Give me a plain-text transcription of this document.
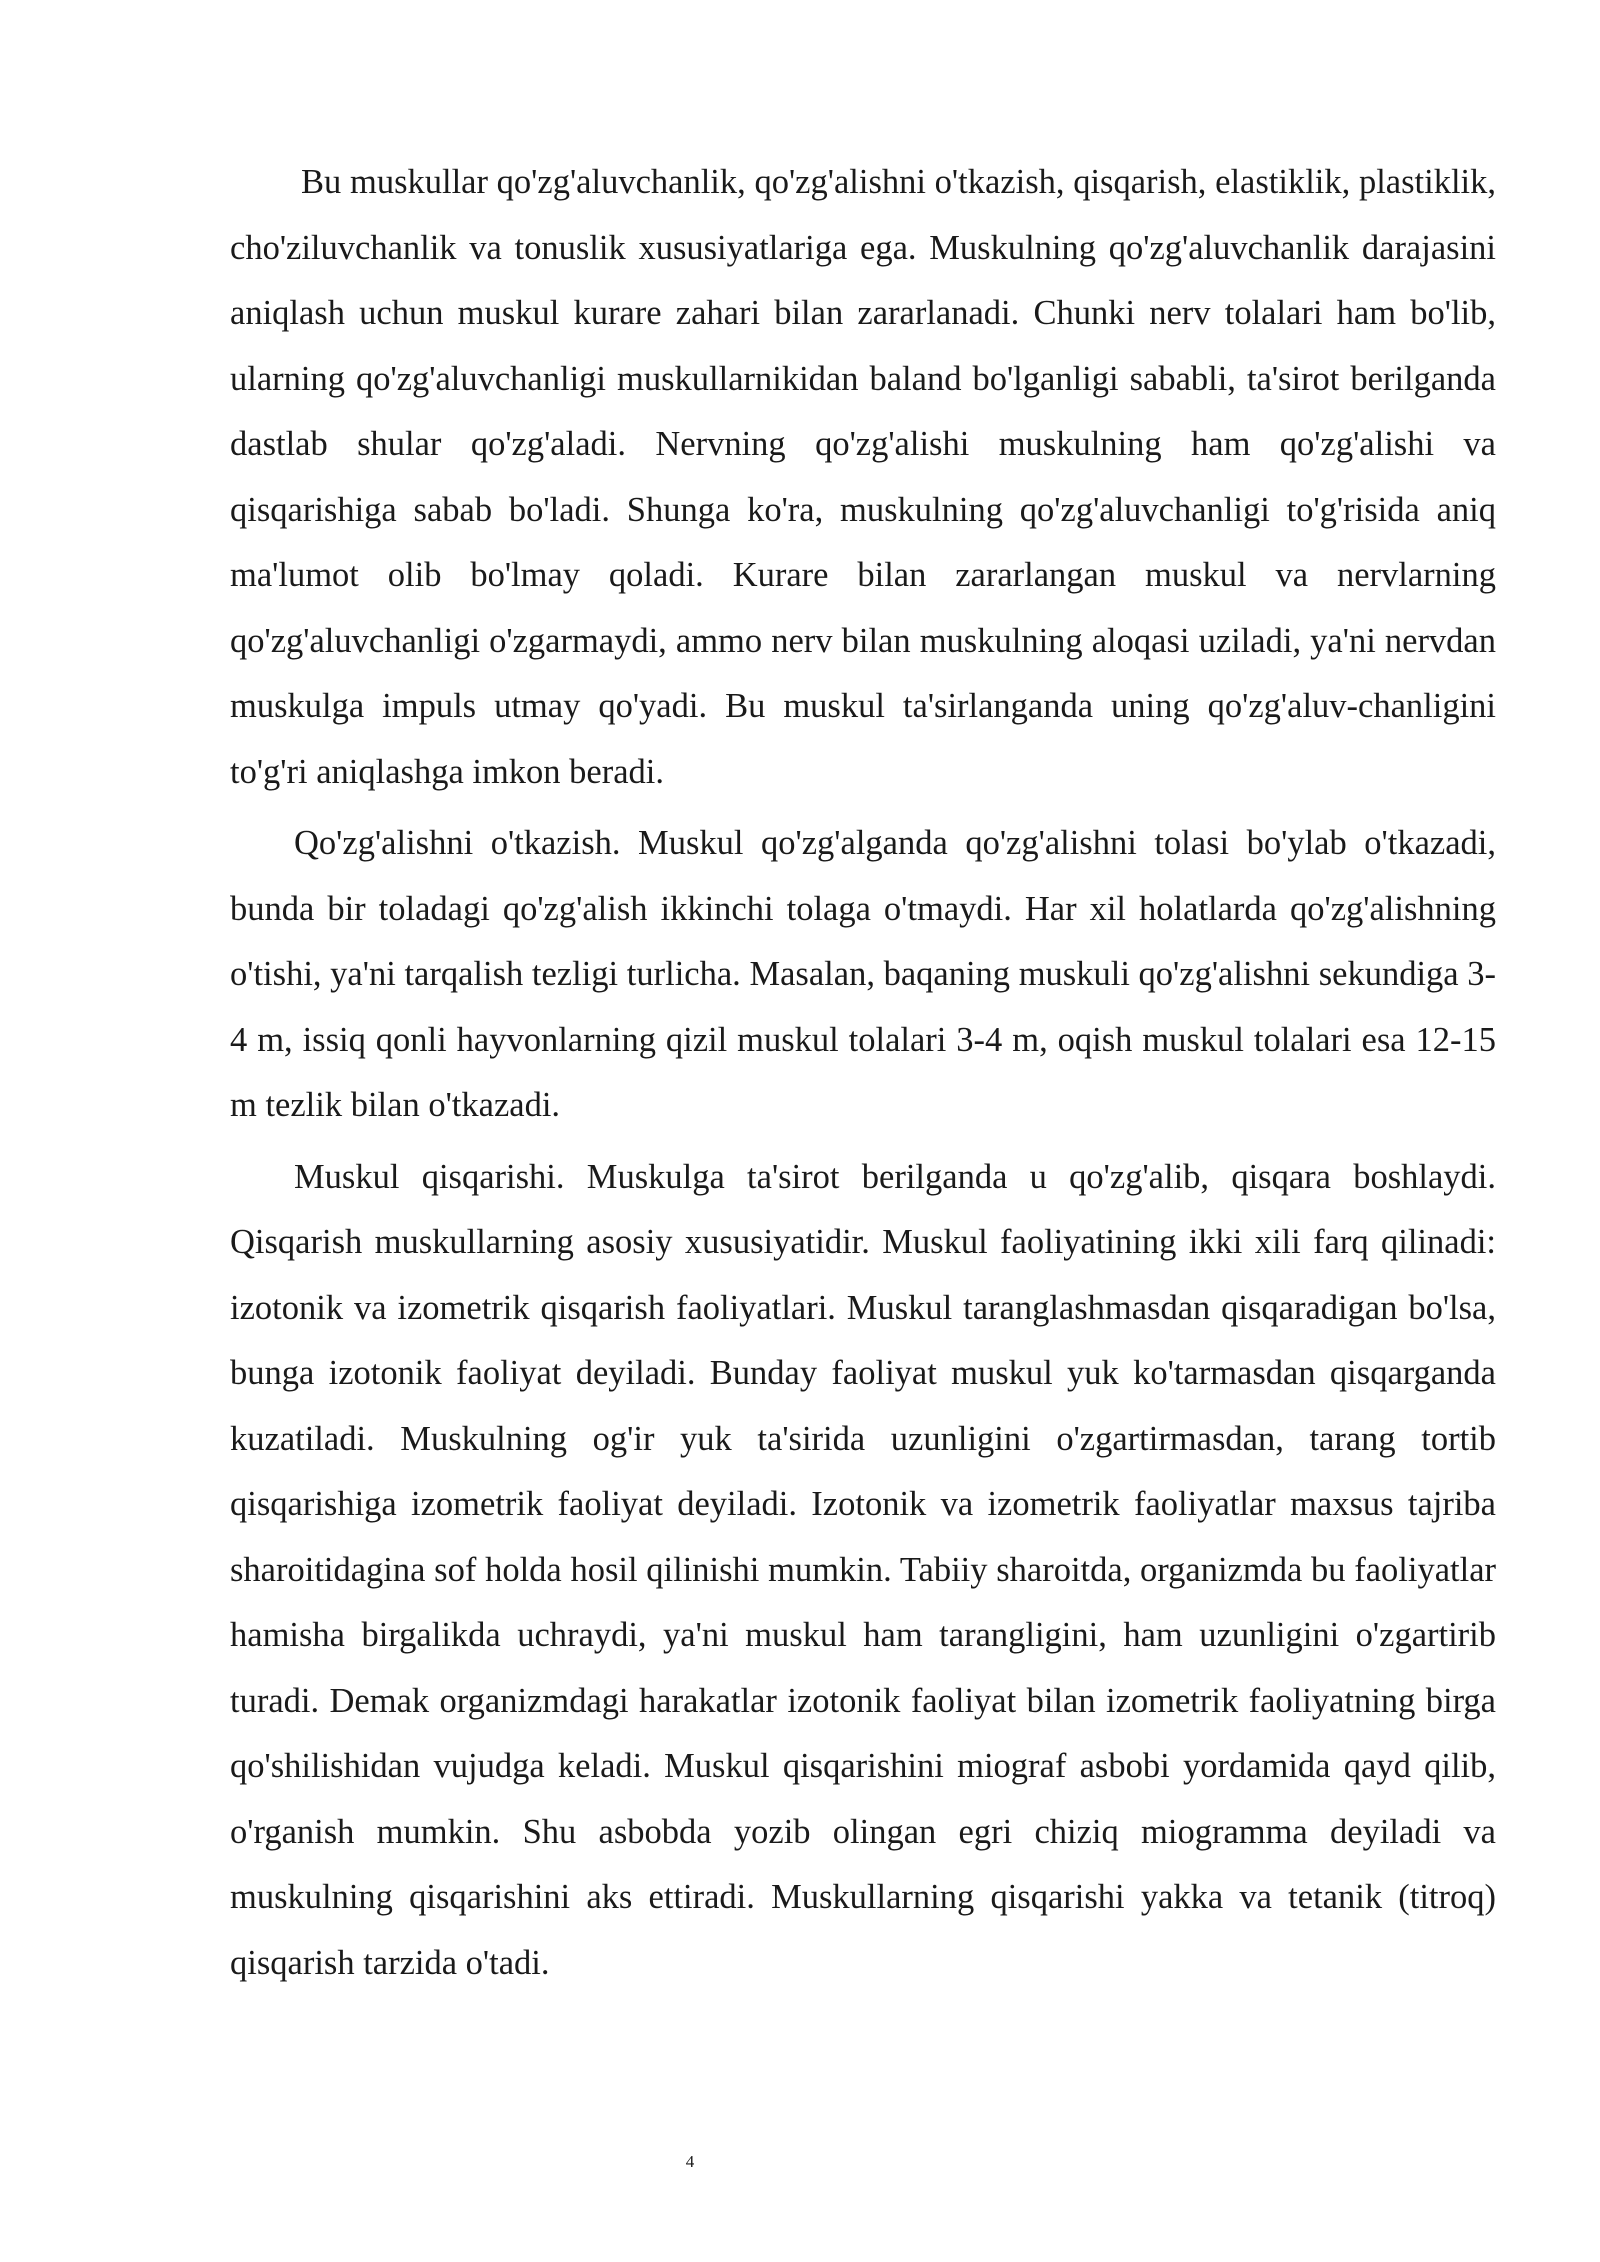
Bu muskullar qo'zg'aluvchanlik, qo'zg'alishni o'tkazish, qisqarish, elastiklik, plastiklik, cho'ziluvchanlik va tonuslik xususiyatlariga ega. Muskulning qo'zg'aluvchanlik darajasini aniqlash uchun muskul kurare zahari bilan zararlanadi. Chunki nerv tolalari ham bo'lib, ularning qo'zg'aluvchanligi muskullarnikidan baland bo'lganligi sababli, ta'sirot berilganda dastlab shular qo'zg'aladi. Nervning qo'zg'alishi muskulning ham qo'zg'alishi va qisqarishiga sabab bo'ladi. Shunga ko'ra, muskulning qo'zg'aluvchanligi to'g'risida aniq ma'lumot olib bo'lmay qoladi. Kurare bilan zararlangan muskul va nervlarning qo'zg'aluvchanligi o'zgarmaydi, ammo nerv bilan muskulning aloqasi uziladi, ya'ni nervdan muskulga impuls utmay qo'yadi. Bu muskul ta'sirlanganda uning qo'zg'aluv-chanligini to'g'ri aniqlashga imkon beradi.

Qo'zg'alishni o'tkazish. Muskul qo'zg'alganda qo'zg'alishni tolasi bo'ylab o'tkazadi, bunda bir toladagi qo'zg'alish ikkinchi tolaga o'tmaydi. Har xil holatlarda qo'zg'alishning o'tishi, ya'ni tarqalish tezligi turlicha. Masalan, baqaning muskuli qo'zg'alishni sekundiga 3-4 m, issiq qonli hayvonlarning qizil muskul tolalari 3-4 m, oqish muskul tolalari esa 12-15 m tezlik bilan o'tkazadi.

Muskul qisqarishi. Muskulga ta'sirot berilganda u qo'zg'alib, qisqara boshlaydi. Qisqarish muskullarning asosiy xususiyatidir. Muskul faoliyatining ikki xili farq qilinadi: izotonik va izometrik qisqarish faoliyatlari. Muskul taranglashmasdan qisqaradigan bo'lsa, bunga izotonik faoliyat deyiladi. Bunday faoliyat muskul yuk ko'tarmasdan qisqarganda kuzatiladi. Muskulning og'ir yuk ta'sirida uzunligini o'zgartirmasdan, tarang tortib qisqarishiga izometrik faoliyat deyiladi. Izotonik va izometrik faoliyatlar maxsus tajriba sharoitidagina sof holda hosil qilinishi mumkin. Tabiiy sharoitda, organizmda bu faoliyatlar hamisha birgalikda uchraydi, ya'ni muskul ham tarangligini, ham uzunligini o'zgartirib turadi. Demak organizmdagi harakatlar izotonik faoliyat bilan izometrik faoliyatning birga qo'shilishidan vujudga keladi. Muskul qisqarishini miograf asbobi yordamida qayd qilib, o'rganish mumkin. Shu asbobda yozib olingan egri chiziq miogramma deyiladi va muskulning qisqarishini aks ettiradi. Muskullarning qisqarishi yakka va tetanik (titroq) qisqarish tarzida o'tadi.

4
